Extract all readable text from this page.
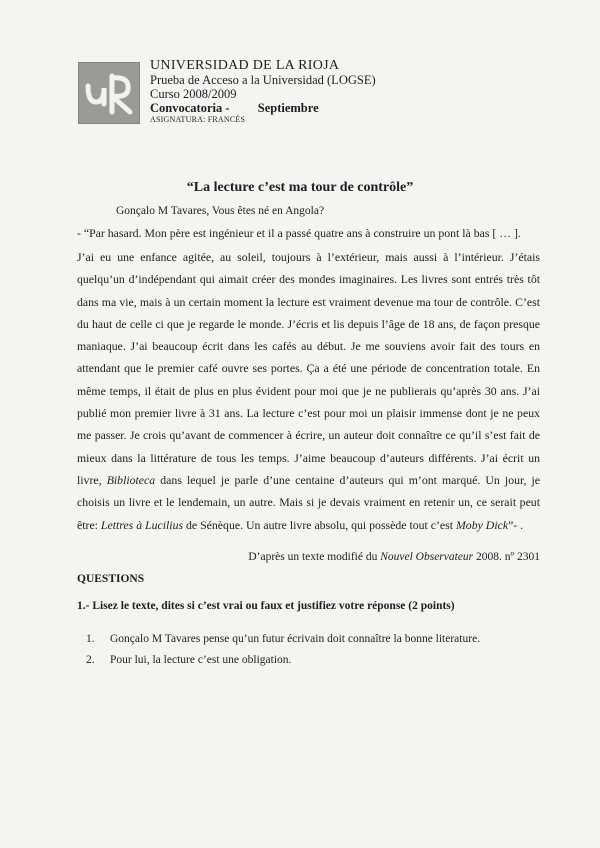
UNIVERSIDAD DE LA RIOJA
Prueba de Acceso a la Universidad (LOGSE)
Curso 2008/2009
Convocatoria - Septiembre
ASIGNATURA: FRANCÉS
“La lecture c’est ma tour de contrôle”
Gonçalo M Tavares, Vous êtes né en Angola?

- “Par hasard. Mon père est ingénieur et il a passé quatre ans à construire un pont là bas [ … ].

J’ai eu une enfance agitée, au soleil, toujours à l’extérieur, mais aussi à l’intérieur. J’étais quelqu’un d’indépendant qui aimait créer des mondes imaginaires. Les livres sont entrés très tôt dans ma vie, mais à un certain moment la lecture est vraiment devenue ma tour de contrôle. C’est du haut de celle ci que je regarde le monde. J’écris et lis depuis l’âge de 18 ans, de façon presque maniaque. J’ai beaucoup écrit dans les cafés au début. Je me souviens avoir fait des tours en attendant que le premier café ouvre ses portes. Ça a été une période de concentration totale. En même temps, il était de plus en plus évident pour moi que je ne publierais qu’après 30 ans. J’ai publié mon premier livre à 31 ans. La lecture c’est pour moi un plaisir immense dont je ne peux me passer. Je crois qu’avant de commencer à écrire, un auteur doit connaître ce qu’il s’est fait de mieux dans la littérature de tous les temps. J’aime beaucoup d’auteurs différents. J’ai écrit un livre, Biblioteca dans lequel je parle d’une centaine d’auteurs qui m’ont marqué. Un jour, je choisis un livre et le lendemain, un autre. Mais si je devais vraiment en retenir un, ce serait peut être: Lettres à Lucilius de Sénèque. Un autre livre absolu, qui possède tout c’est Moby Dick”- .

D’après un texte modifié du Nouvel Observateur 2008. nº 2301
QUESTIONS
1.- Lisez le texte, dites si c’est vrai ou faux et justifiez votre réponse (2 points)
1. Gonçalo M Tavares pense qu’un futur écrivain doit connaître la bonne literature.
2. Pour lui, la lecture c’est une obligation.
